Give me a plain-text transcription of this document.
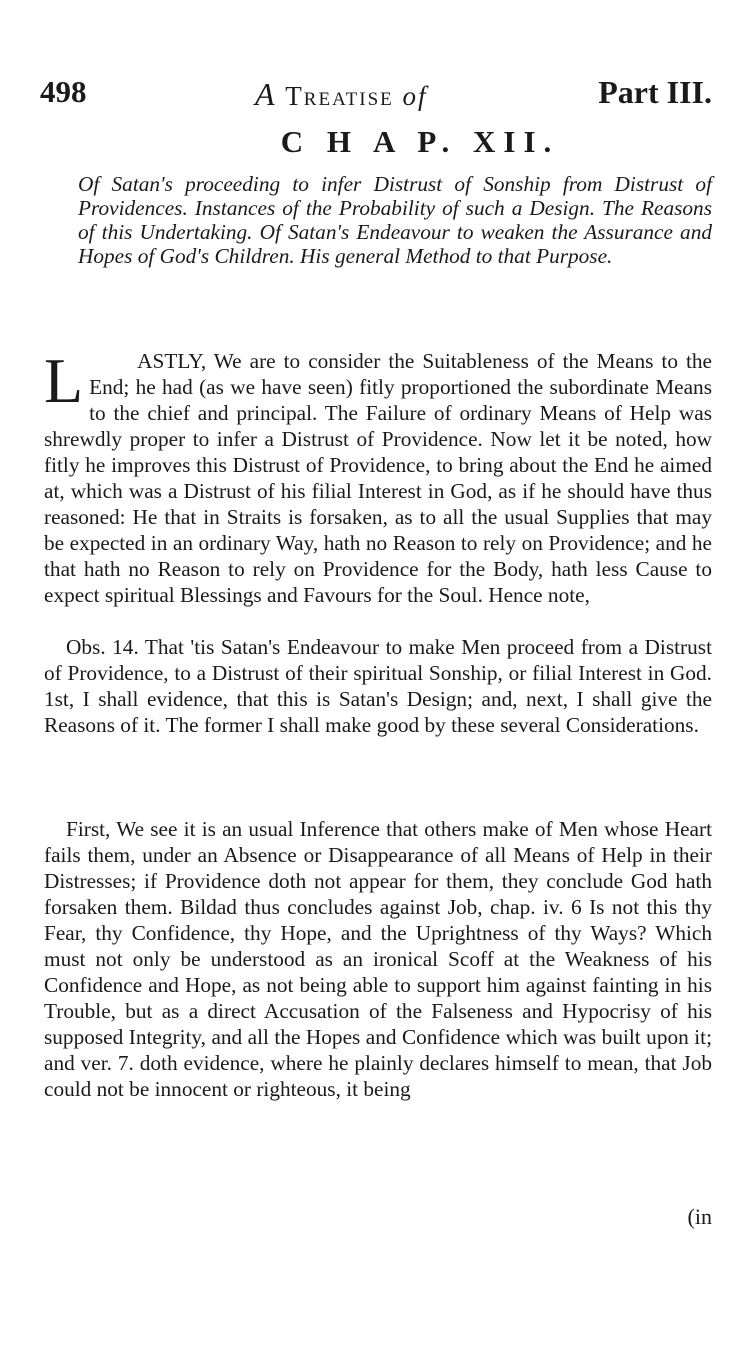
498	A Treatise of	Part III.
C H A P. XII.
Of Satan's proceeding to infer Distrust of Sonship from Distrust of Providences. Instances of the Probability of such a Design. The Reasons of this Undertaking. Of Satan's Endeavour to weaken the Assurance and Hopes of God's Children. His general Method to that Purpose.
L	ASTLY, We are to consider the Suitableness of the Means to the End; he had (as we have seen) fitly proportioned the subordinate Means to the chief and principal. The Failure of ordinary Means of Help was shrewdly proper to infer a Distrust of Providence. Now let it be noted, how fitly he improves this Distrust of Providence, to bring about the End he aimed at, which was a Distrust of his filial Interest in God, as if he should have thus reasoned: He that in Straits is forsaken, as to all the usual Supplies that may be expected in an ordinary Way, hath no Reason to rely on Providence; and he that hath no Reason to rely on Providence for the Body, hath less Cause to expect spiritual Blessings and Favours for the Soul. Hence note,
Obs. 14. That 'tis Satan's Endeavour to make Men proceed from a Distrust of Providence, to a Distrust of their spiritual Sonship, or filial Interest in God. 1st, I shall evidence, that this is Satan's Design; and, next, I shall give the Reasons of it. The former I shall make good by these several Considerations.
First, We see it is an usual Inference that others make of Men whose Heart fails them, under an Absence or Disappearance of all Means of Help in their Distresses; if Providence doth not appear for them, they conclude God hath forsaken them. Bildad thus concludes against Job, chap. iv. 6 Is not this thy Fear, thy Confidence, thy Hope, and the Uprightness of thy Ways? Which must not only be understood as an ironical Scoff at the Weakness of his Confidence and Hope, as not being able to support him against fainting in his Trouble, but as a direct Accusation of the Falseness and Hypocrisy of his supposed Integrity, and all the Hopes and Confidence which was built upon it; and ver. 7. doth evidence, where he plainly declares himself to mean, that Job could not be innocent or righteous, it being
(in
